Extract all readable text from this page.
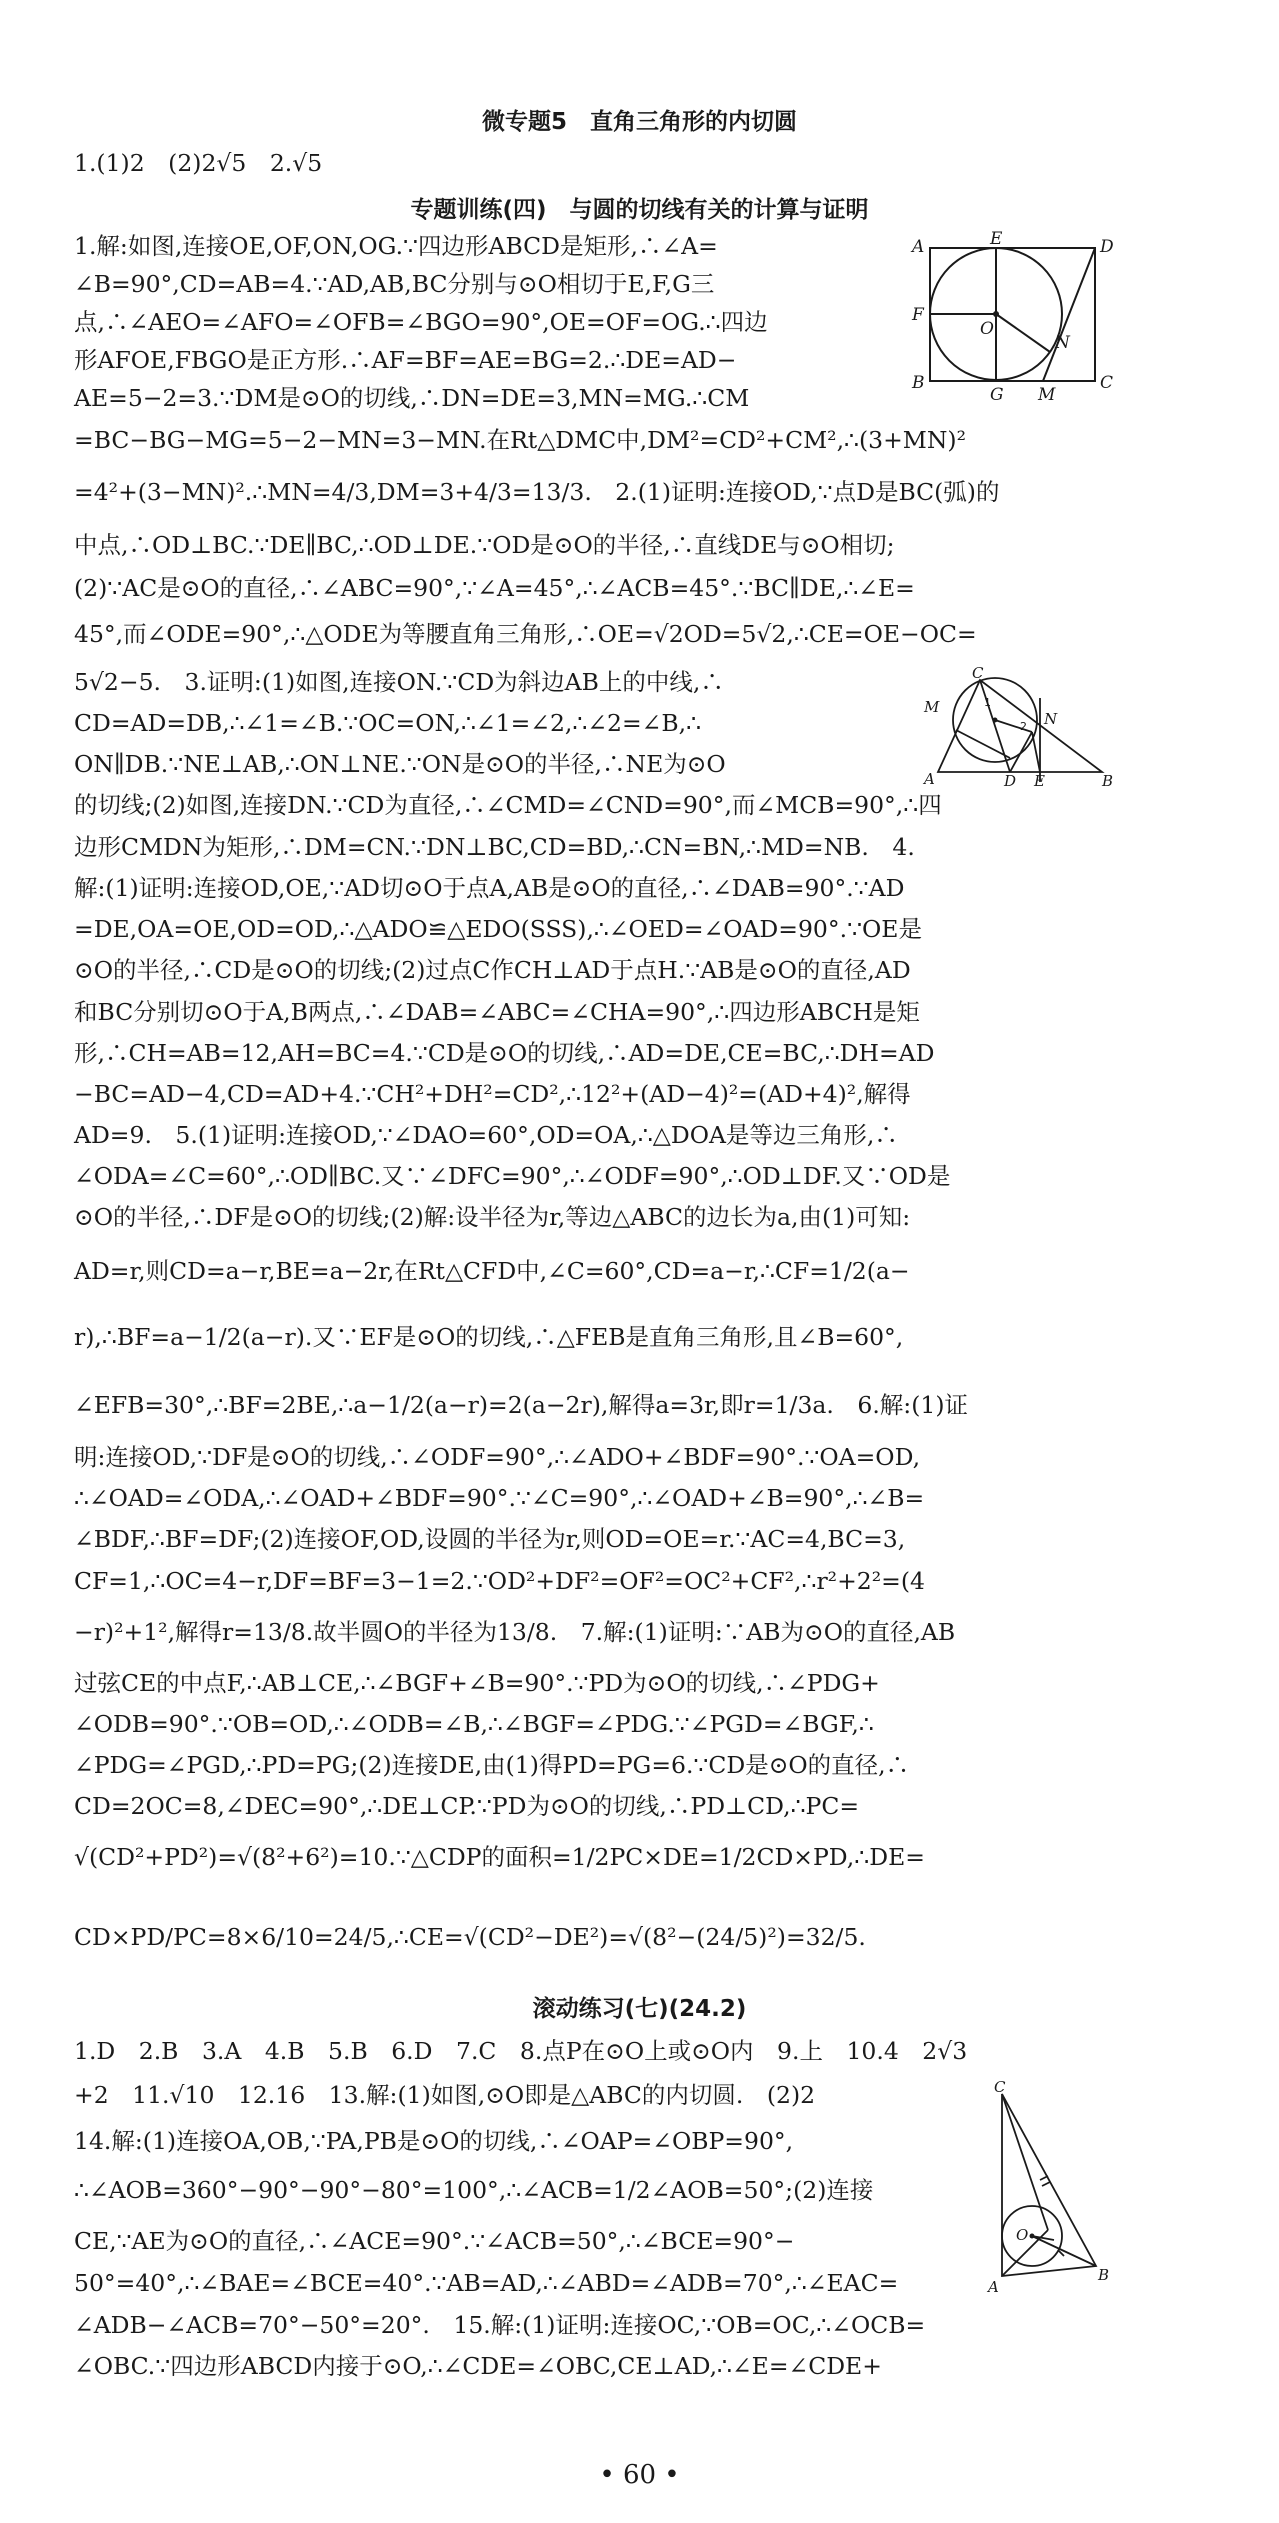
微专题5　直角三角形的内切圆
1.(1)2　(2)2√5　2.√5
专题训练(四)　与圆的切线有关的计算与证明
1.解:如图,连接OE,OF,ON,OG.∵四边形ABCD是矩形,∴∠A=
∠B=90°,CD=AB=4.∵AD,AB,BC分别与⊙O相切于E,F,G三
点,∴∠AEO=∠AFO=∠OFB=∠BGO=90°,OE=OF=OG.∴四边
形AFOE,FBGO是正方形.∴AF=BF=AE=BG=2.∴DE=AD−
AE=5−2=3.∵DM是⊙O的切线,∴DN=DE=3,MN=MG.∴CM
=BC−BG−MG=5−2−MN=3−MN.在Rt△DMC中,DM²=CD²+CM²,∴(3+MN)²
=4²+(3−MN)².∴MN=4/3,DM=3+4/3=13/3.　2.(1)证明:连接OD,∵点D是BC(弧)的
中点,∴OD⊥BC.∵DE∥BC,∴OD⊥DE.∵OD是⊙O的半径,∴直线DE与⊙O相切;
(2)∵AC是⊙O的直径,∴∠ABC=90°,∵∠A=45°,∴∠ACB=45°.∵BC∥DE,∴∠E=
45°,而∠ODE=90°,∴△ODE为等腰直角三角形,∴OE=√2OD=5√2,∴CE=OE−OC=
5√2−5.　3.证明:(1)如图,连接ON.∵CD为斜边AB上的中线,∴
CD=AD=DB,∴∠1=∠B.∵OC=ON,∴∠1=∠2,∴∠2=∠B,∴
ON∥DB.∵NE⊥AB,∴ON⊥NE.∵ON是⊙O的半径,∴NE为⊙O
的切线;(2)如图,连接DN.∵CD为直径,∴∠CMD=∠CND=90°,而∠MCB=90°,∴四
边形CMDN为矩形,∴DM=CN.∵DN⊥BC,CD=BD,∴CN=BN,∴MD=NB.　4.
解:(1)证明:连接OD,OE,∵AD切⊙O于点A,AB是⊙O的直径,∴∠DAB=90°.∵AD
=DE,OA=OE,OD=OD,∴△ADO≌△EDO(SSS),∴∠OED=∠OAD=90°.∵OE是
⊙O的半径,∴CD是⊙O的切线;(2)过点C作CH⊥AD于点H.∵AB是⊙O的直径,AD
和BC分别切⊙O于A,B两点,∴∠DAB=∠ABC=∠CHA=90°,∴四边形ABCH是矩
形,∴CH=AB=12,AH=BC=4.∵CD是⊙O的切线,∴AD=DE,CE=BC,∴DH=AD
−BC=AD−4,CD=AD+4.∵CH²+DH²=CD²,∴12²+(AD−4)²=(AD+4)²,解得
AD=9.　5.(1)证明:连接OD,∵∠DAO=60°,OD=OA,∴△DOA是等边三角形,∴
∠ODA=∠C=60°,∴OD∥BC.又∵∠DFC=90°,∴∠ODF=90°,∴OD⊥DF.又∵OD是
⊙O的半径,∴DF是⊙O的切线;(2)解:设半径为r,等边△ABC的边长为a,由(1)可知:
AD=r,则CD=a−r,BE=a−2r,在Rt△CFD中,∠C=60°,CD=a−r,∴CF=1/2(a−
r),∴BF=a−1/2(a−r).又∵EF是⊙O的切线,∴△FEB是直角三角形,且∠B=60°,
∠EFB=30°,∴BF=2BE,∴a−1/2(a−r)=2(a−2r),解得a=3r,即r=1/3a.　6.解:(1)证
明:连接OD,∵DF是⊙O的切线,∴∠ODF=90°,∴∠ADO+∠BDF=90°.∵OA=OD,
∴∠OAD=∠ODA,∴∠OAD+∠BDF=90°.∵∠C=90°,∴∠OAD+∠B=90°,∴∠B=
∠BDF,∴BF=DF;(2)连接OF,OD,设圆的半径为r,则OD=OE=r.∵AC=4,BC=3,
CF=1,∴OC=4−r,DF=BF=3−1=2.∵OD²+DF²=OF²=OC²+CF²,∴r²+2²=(4
−r)²+1²,解得r=13/8.故半圆O的半径为13/8.　7.解:(1)证明:∵AB为⊙O的直径,AB
过弦CE的中点F,∴AB⊥CE,∴∠BGF+∠B=90°.∵PD为⊙O的切线,∴∠PDG+
∠ODB=90°.∵OB=OD,∴∠ODB=∠B,∴∠BGF=∠PDG.∵∠PGD=∠BGF,∴
∠PDG=∠PGD,∴PD=PG;(2)连接DE,由(1)得PD=PG=6.∵CD是⊙O的直径,∴
CD=2OC=8,∠DEC=90°,∴DE⊥CP.∵PD为⊙O的切线,∴PD⊥CD,∴PC=
√(CD²+PD²)=√(8²+6²)=10.∵△CDP的面积=1/2PC×DE=1/2CD×PD,∴DE=
CD×PD/PC=8×6/10=24/5,∴CE=√(CD²−DE²)=√(8²−(24/5)²)=32/5.
滚动练习(七)(24.2)
1.D　2.B　3.A　4.B　5.B　6.D　7.C　8.点P在⊙O上或⊙O内　9.上　10.4　2√3
+2　11.√10　12.16　13.解:(1)如图,⊙O即是△ABC的内切圆.　(2)2
14.解:(1)连接OA,OB,∵PA,PB是⊙O的切线,∴∠OAP=∠OBP=90°,
∴∠AOB=360°−90°−90°−80°=100°,∴∠ACB=1/2∠AOB=50°;(2)连接
CE,∵AE为⊙O的直径,∴∠ACE=90°.∵∠ACB=50°,∴∠BCE=90°−
50°=40°,∴∠BAE=∠BCE=40°.∵AB=AD,∴∠ABD=∠ADB=70°,∴∠EAC=
∠ADB−∠ACB=70°−50°=20°.　15.解:(1)证明:连接OC,∵OB=OC,∴∠OCB=
∠OBC.∵四边形ABCD内接于⊙O,∴∠CDE=∠OBC,CE⊥AD,∴∠E=∠CDE+
A	E	D
F
O
N
B
G M
C
M
C
N
A	D E	B
1
2
C
O
A
B
• 60 •
